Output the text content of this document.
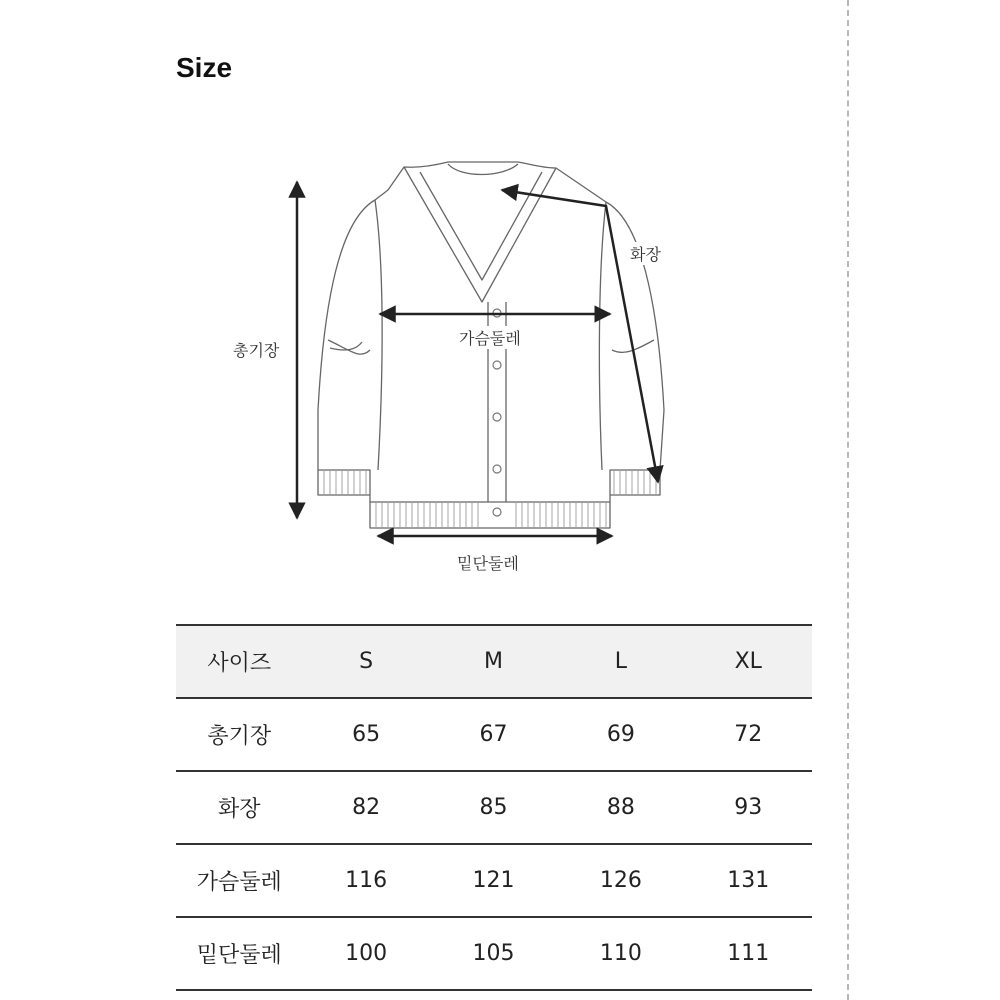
Size
총기장
화장
가슴둘레
밑단둘레
사이즈	S	M	L	XL
총기장	65	67	69	72
화장	82	85	88	93
가슴둘레	116	121	126	131
밑단둘레	100	105	110	111
